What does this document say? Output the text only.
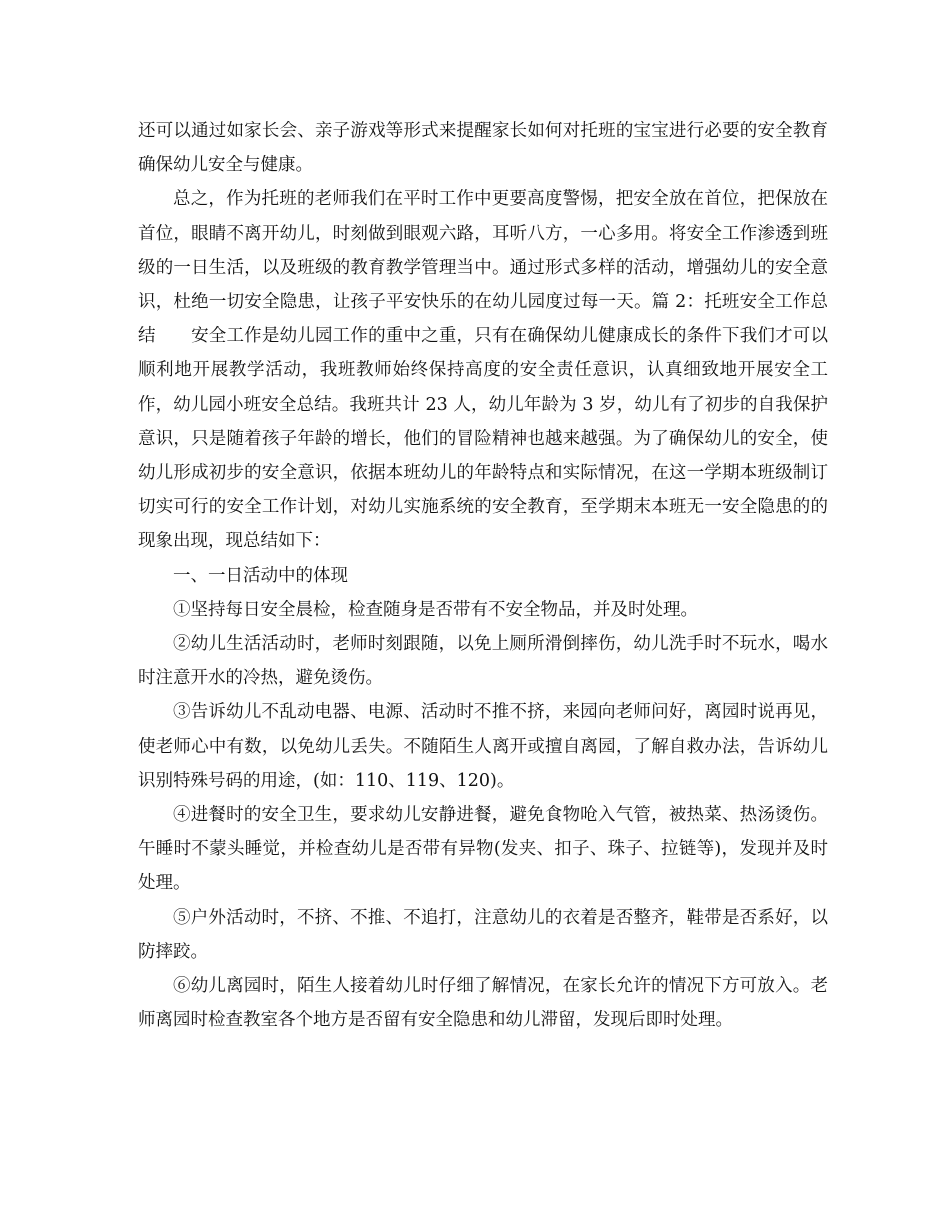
还可以通过如家长会、亲子游戏等形式来提醒家长如何对托班的宝宝进行必要的安全教育确保幼儿安全与健康。

总之，作为托班的老师我们在平时工作中更要高度警惕，把安全放在首位，把保放在首位，眼睛不离开幼儿，时刻做到眼观六路，耳听八方，一心多用。将安全工作渗透到班级的一日生活，以及班级的教育教学管理当中。通过形式多样的活动，增强幼儿的安全意识，杜绝一切安全隐患，让孩子平安快乐的在幼儿园度过每一天。篇 2：托班安全工作总结　　安全工作是幼儿园工作的重中之重，只有在确保幼儿健康成长的条件下我们才可以顺利地开展教学活动，我班教师始终保持高度的安全责任意识，认真细致地开展安全工作，幼儿园小班安全总结。我班共计 23 人，幼儿年龄为 3 岁，幼儿有了初步的自我保护意识，只是随着孩子年龄的增长，他们的冒险精神也越来越强。为了确保幼儿的安全，使幼儿形成初步的安全意识，依据本班幼儿的年龄特点和实际情况，在这一学期本班级制订切实可行的安全工作计划，对幼儿实施系统的安全教育，至学期末本班无一安全隐患的的现象出现，现总结如下：

一、一日活动中的体现

①坚持每日安全晨检，检查随身是否带有不安全物品，并及时处理。

②幼儿生活活动时，老师时刻跟随，以免上厕所滑倒摔伤，幼儿洗手时不玩水，喝水时注意开水的冷热，避免烫伤。

③告诉幼儿不乱动电器、电源、活动时不推不挤，来园向老师问好，离园时说再见，使老师心中有数，以免幼儿丢失。不随陌生人离开或擅自离园，了解自救办法，告诉幼儿识别特殊号码的用途，(如：110、119、120)。

④进餐时的安全卫生，要求幼儿安静进餐，避免食物呛入气管，被热菜、热汤烫伤。午睡时不蒙头睡觉，并检查幼儿是否带有异物(发夹、扣子、珠子、拉链等)，发现并及时处理。

⑤户外活动时，不挤、不推、不追打，注意幼儿的衣着是否整齐，鞋带是否系好，以防摔跤。

⑥幼儿离园时，陌生人接着幼儿时仔细了解情况，在家长允许的情况下方可放入。老师离园时检查教室各个地方是否留有安全隐患和幼儿滞留，发现后即时处理。
